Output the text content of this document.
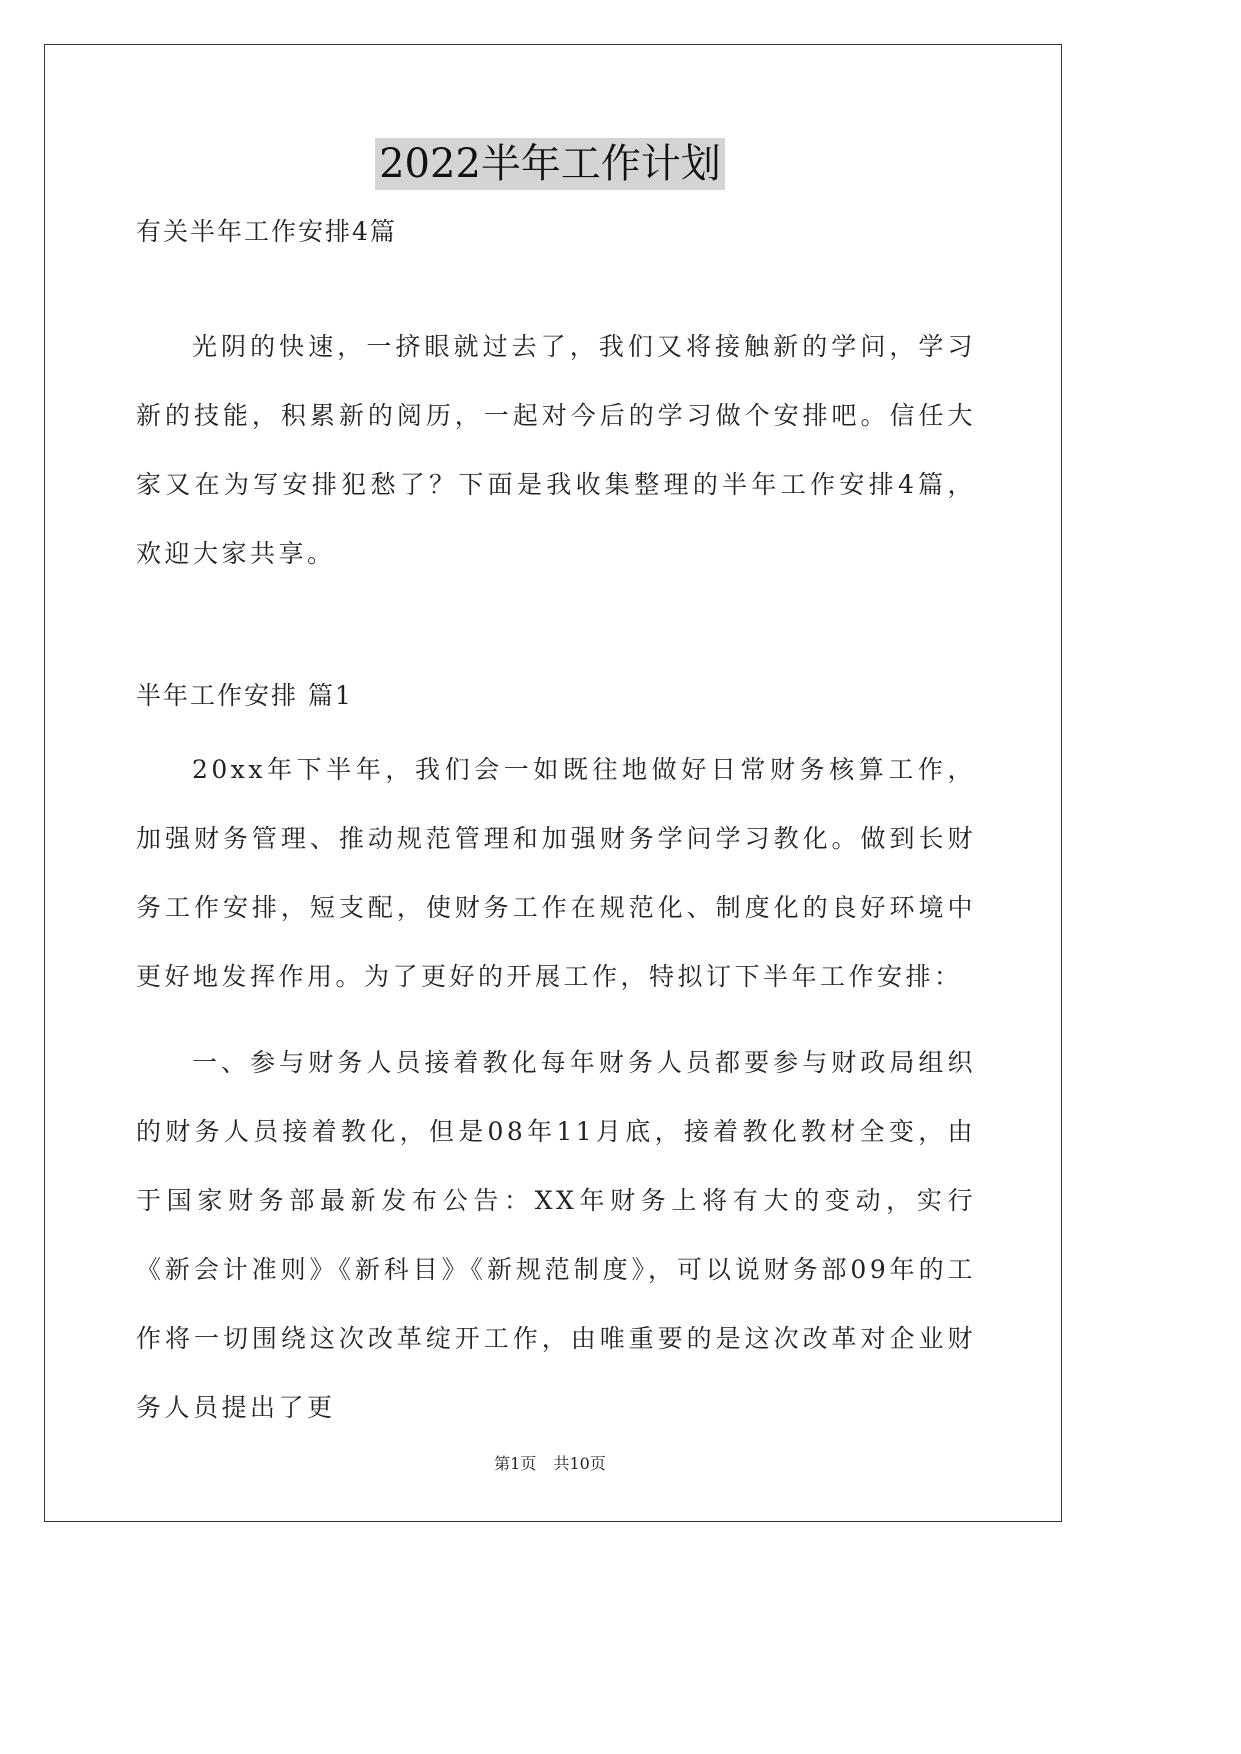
2022半年工作计划
有关半年工作安排4篇
光阴的快速，一挤眼就过去了，我们又将接触新的学问，学习新的技能，积累新的阅历，一起对今后的学习做个安排吧。信任大家又在为写安排犯愁了？下面是我收集整理的半年工作安排4篇，欢迎大家共享。
半年工作安排 篇1
20xx年下半年，我们会一如既往地做好日常财务核算工作，加强财务管理、推动规范管理和加强财务学问学习教化。做到长财务工作安排，短支配，使财务工作在规范化、制度化的良好环境中更好地发挥作用。为了更好的开展工作，特拟订下半年工作安排：
一、参与财务人员接着教化每年财务人员都要参与财政局组织的财务人员接着教化，但是08年11月底，接着教化教材全变，由于国家财务部最新发布公告：XX年财务上将有大的变动，实行《新会计准则》《新科目》《新规范制度》，可以说财务部09年的工作将一切围绕这次改革绽开工作，由唯重要的是这次改革对企业财务人员提出了更
第1页 共10页
